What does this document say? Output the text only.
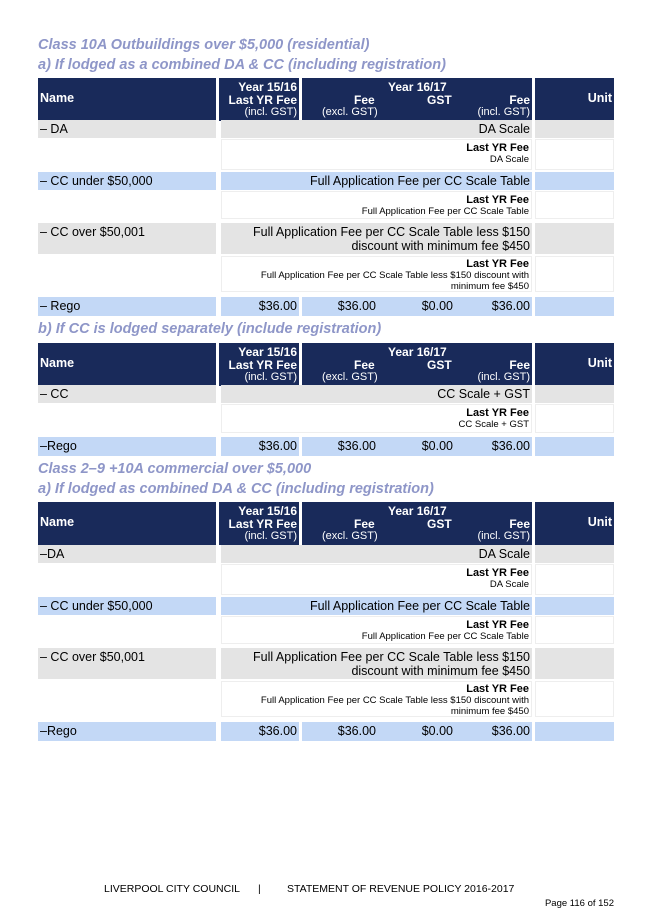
Class 10A Outbuildings over $5,000 (residential)
a) If lodged as a combined DA & CC (including registration)
Name
Year 15/16
Last YR Fee
(incl. GST)
Year 16/17
Fee
(excl. GST)
GST	Fee
(incl. GST)
Unit
– DA	DA Scale
Last YR Fee
DA Scale
– CC under $50,000	Full Application Fee per CC Scale Table
Last YR Fee
Full Application Fee per CC Scale Table
– CC over $50,001	Full Application Fee per CC Scale Table less $150 discount with minimum fee $450
Last YR Fee
Full Application Fee per CC Scale Table less $150 discount with minimum fee $450
– Rego	$36.00	$36.00	$0.00	$36.00
b) If CC is lodged separately (include registration)
Name
Year 15/16
Last YR Fee
(incl. GST)
Year 16/17
Fee
(excl. GST)
GST	Fee
(incl. GST)
Unit
– CC	CC Scale + GST
Last YR Fee
CC Scale + GST
–Rego	$36.00	$36.00	$0.00	$36.00
Class 2–9 +10A commercial over $5,000
a) If lodged as combined DA & CC (including registration)
Name
Year 15/16
Last YR Fee
(incl. GST)
Year 16/17
Fee
(excl. GST)
GST	Fee
(incl. GST)
Unit
–DA	DA Scale
Last YR Fee
DA Scale
– CC under $50,000	Full Application Fee per CC Scale Table
Last YR Fee
Full Application Fee per CC Scale Table
– CC over $50,001	Full Application Fee per CC Scale Table less $150 discount with minimum fee $450
Last YR Fee
Full Application Fee per CC Scale Table less $150 discount with minimum fee $450
–Rego	$36.00	$36.00	$0.00	$36.00
LIVERPOOL CITY COUNCIL |	STATEMENT OF REVENUE POLICY 2016-2017
Page 116 of 152
